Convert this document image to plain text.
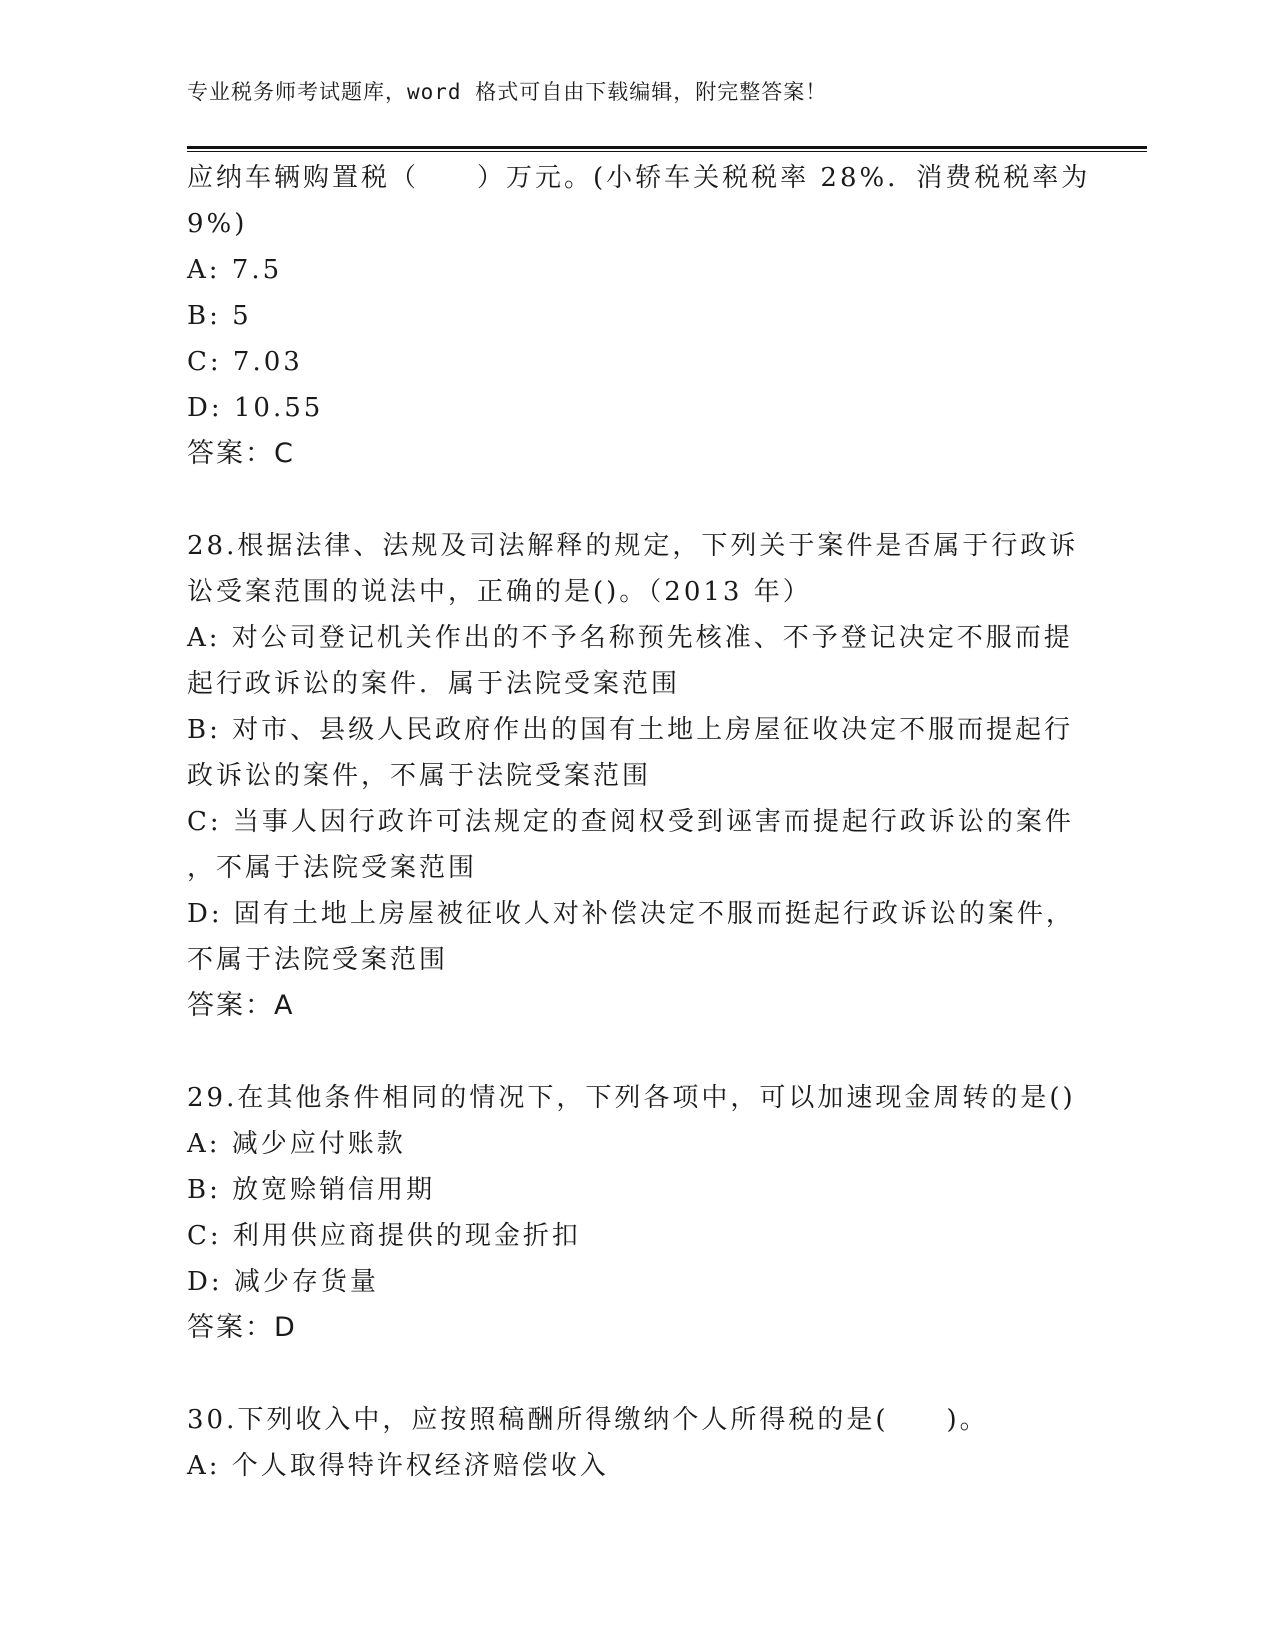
专业税务师考试题库，word 格式可自由下载编辑，附完整答案！
应纳车辆购置税（　　）万元。(小轿车关税税率 28%．消费税税率为
9%)
A: 7.5
B: 5
C: 7.03
D: 10.55
答案：C
28.根据法律、法规及司法解释的规定，下列关于案件是否属于行政诉
讼受案范围的说法中，正确的是()。（2013 年）
A: 对公司登记机关作出的不予名称预先核准、不予登记决定不服而提
起行政诉讼的案件．属于法院受案范围
B: 对市、县级人民政府作出的国有土地上房屋征收决定不服而提起行
政诉讼的案件，不属于法院受案范围
C: 当事人因行政许可法规定的查阅权受到诬害而提起行政诉讼的案件
，不属于法院受案范围
D: 固有土地上房屋被征收人对补偿决定不服而挺起行政诉讼的案件，
不属于法院受案范围
答案：A
29.在其他条件相同的情况下，下列各项中，可以加速现金周转的是()
A: 减少应付账款
B: 放宽赊销信用期
C: 利用供应商提供的现金折扣
D: 减少存货量
答案：D
30.下列收入中，应按照稿酬所得缴纳个人所得税的是(　　)。
A: 个人取得特许权经济赔偿收入
